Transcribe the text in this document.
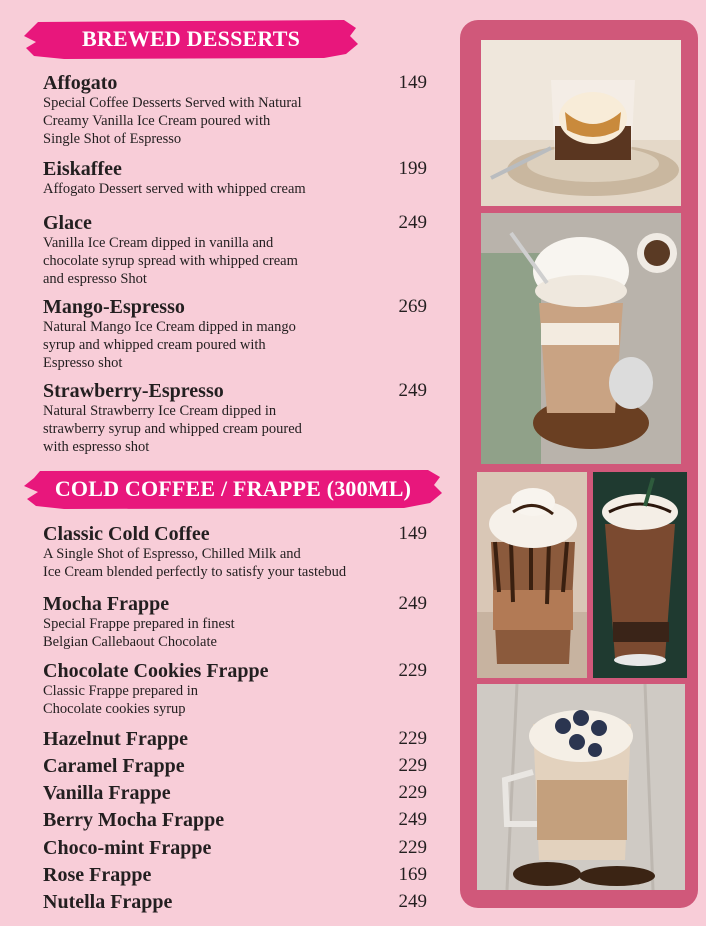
BREWED DESSERTS
Affogato	149
Special Coffee Desserts Served with Natural
Creamy Vanilla Ice Cream poured with
Single Shot of Espresso
Eiskaffee	199
Affogato Dessert served with whipped cream
Glace	249
Vanilla Ice Cream dipped in vanilla and
chocolate syrup spread with whipped cream
and espresso Shot
Mango-Espresso	269
Natural Mango Ice Cream dipped in mango
syrup and whipped cream poured with
Espresso shot
Strawberry-Espresso	249
Natural Strawberry Ice Cream dipped in
strawberry syrup and whipped cream poured
with espresso shot
COLD COFFEE / FRAPPE (300ML)
Classic Cold Coffee	149
A Single Shot of Espresso, Chilled Milk and
Ice Cream blended perfectly to satisfy your tastebud
Mocha Frappe	249
Special Frappe prepared in finest
Belgian Callebaout Chocolate
Chocolate Cookies Frappe	229
Classic Frappe prepared in
Chocolate cookies syrup
Hazelnut Frappe	229
Caramel Frappe	229
Vanilla Frappe	229
Berry Mocha Frappe	249
Choco-mint Frappe	229
Rose Frappe	169
Nutella Frappe	249
